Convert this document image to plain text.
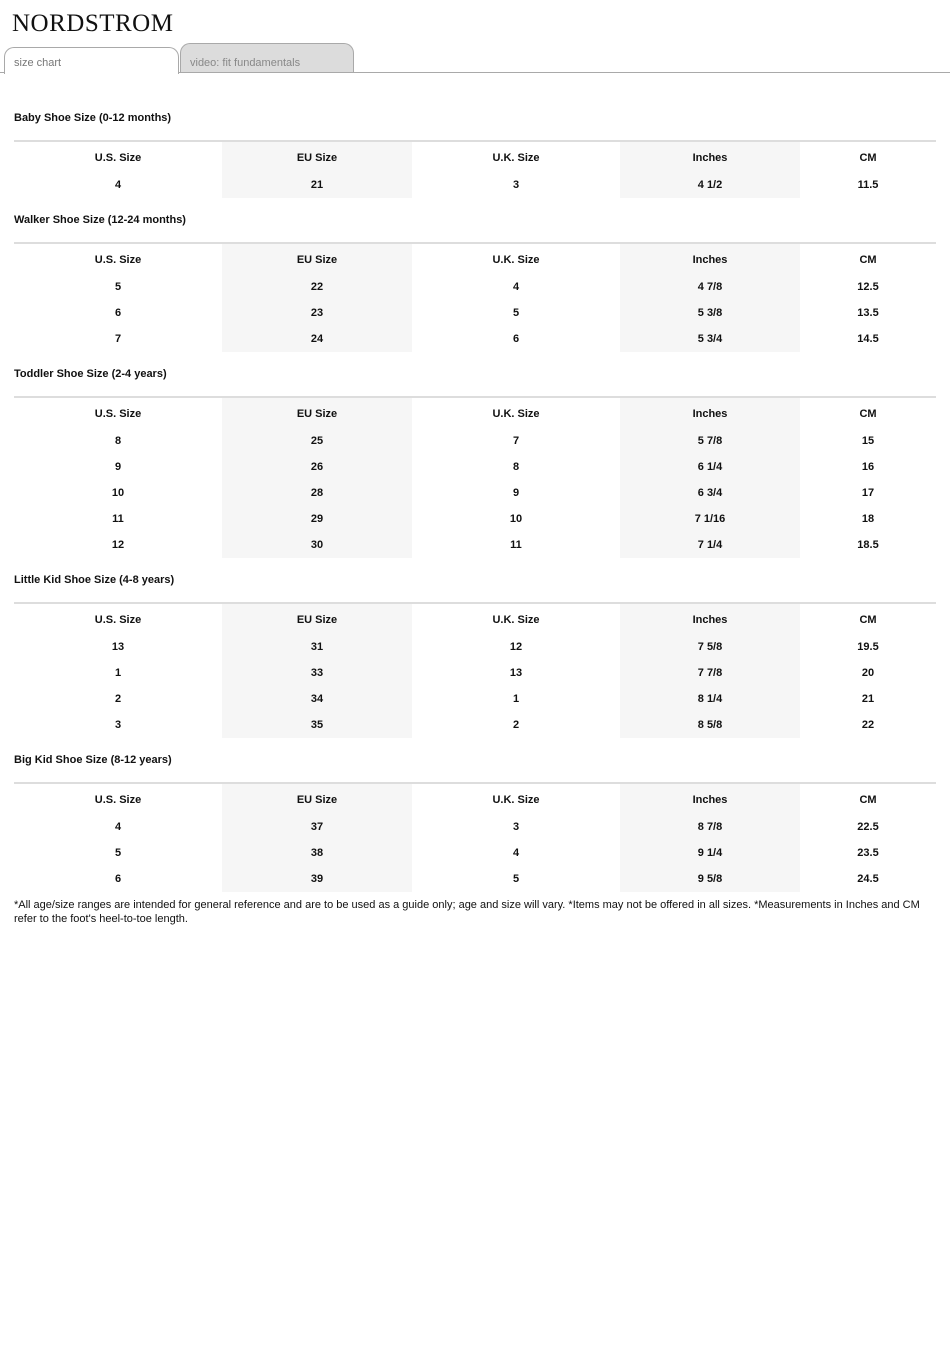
NORDSTROM
size chart	video: fit fundamentals
Baby Shoe Size (0-12 months)
U.S. Size	EU Size	U.K. Size	Inches	CM
4	21	3	4 1/2	11.5
Walker Shoe Size (12-24 months)
U.S. Size	EU Size	U.K. Size	Inches	CM
5	22	4	4 7/8	12.5
6	23	5	5 3/8	13.5
7	24	6	5 3/4	14.5
Toddler Shoe Size (2-4 years)
U.S. Size	EU Size	U.K. Size	Inches	CM
8	25	7	5 7/8	15
9	26	8	6 1/4	16
10	28	9	6 3/4	17
11	29	10	7 1/16	18
12	30	11	7 1/4	18.5
Little Kid Shoe Size (4-8 years)
U.S. Size	EU Size	U.K. Size	Inches	CM
13	31	12	7 5/8	19.5
1	33	13	7 7/8	20
2	34	1	8 1/4	21
3	35	2	8 5/8	22
Big Kid Shoe Size (8-12 years)
U.S. Size	EU Size	U.K. Size	Inches	CM
4	37	3	8 7/8	22.5
5	38	4	9 1/4	23.5
6	39	5	9 5/8	24.5
*All age/size ranges are intended for general reference and are to be used as a guide only; age and size will vary. *Items may not be offered in all sizes. *Measurements in Inches and CM refer to the foot's heel-to-toe length.
